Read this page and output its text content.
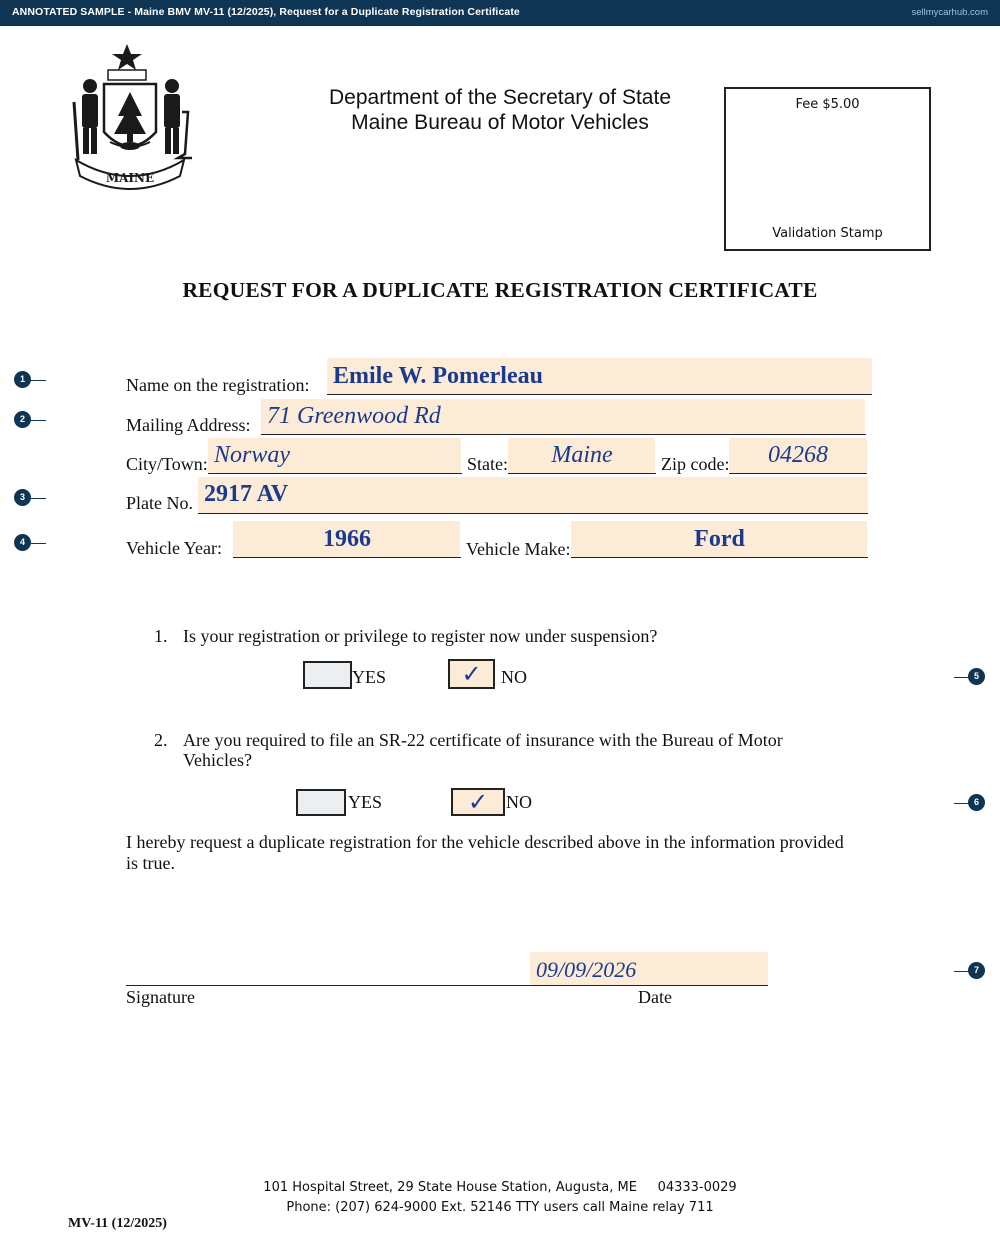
ANNOTATED SAMPLE - Maine BMV MV-11 (12/2025), Request for a Duplicate Registration Certificate	sellmycarhub.com
MAINE
Department of the Secretary of State
Maine Bureau of Motor Vehicles
Fee $5.00
Validation Stamp
REQUEST FOR A DUPLICATE REGISTRATION CERTIFICATE
1	Name on the registration: Emile W. Pomerleau
2	Mailing Address: 71 Greenwood Rd
City/Town: Norway	State:	Maine	Zip code:	04268
3	Plate No. 2917 AV
4	Vehicle Year:	1966	Vehicle Make:	Ford
1. Is your registration or privilege to register now under suspension?
YES	✓ NO	5
2. Are you required to file an SR-22 certificate of insurance with the Bureau of Motor
Vehicles?
YES	✓ NO	6
I hereby request a duplicate registration for the vehicle described above in the information provided is true.
09/09/2026
Signature	Date
7
101 Hospital Street, 29 State House Station, Augusta, ME     04333-0029
Phone: (207) 624-9000 Ext. 52146 TTY users call Maine relay 711
MV-11 (12/2025)
